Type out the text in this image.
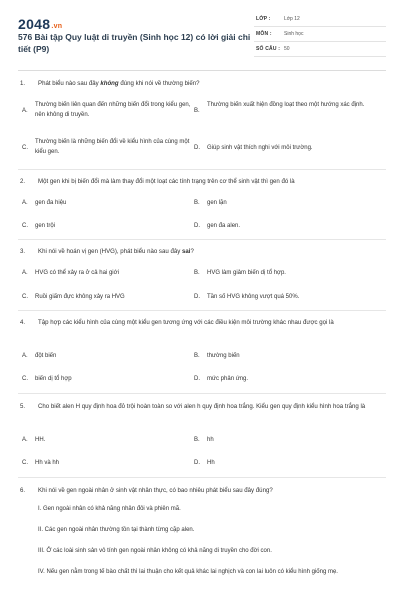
2048.vn
576 Bài tập Quy luật di truyền (Sinh học 12) có lời giải chi tiết (P9)
LỚP :	Lớp 12
MÔN : Sinh học
SỐ CÂU : 50
1.	Phát biểu nào sau đây không đúng khi nói về thường biến?
A.
Thường biến liên quan đến những biến đổi trong kiểu gen, nên không di truyền.
B.
Thường biến xuất hiện đồng loạt theo một hướng xác định.
C.
Thường biến là những biến đổi về kiểu hình của cùng một kiểu gen.
D.	Giúp sinh vật thích nghi với môi trường.
2.	Một gen khi bị biến đổi mà làm thay đổi một loạt các tính trạng trên cơ thể sinh vật thì gen đó là
A.	gen đa hiệu	B.	gen lặn
C.	gen trội	D.	gen đa alen.
3.	Khi nói về hoán vị gen (HVG), phát biểu nào sau đây sai?
A.	HVG có thể xảy ra ở cả hai giới	B.	HVG làm giảm biến dị tổ hợp.
C.	Ruồi giấm đực không xảy ra HVG	D.	Tần số HVG không vượt quá 50%.
4.	Tập hợp các kiểu hình của cùng một kiểu gen tương ứng với các điều kiện môi trường khác nhau được gọi là
A.	đột biến	B.	thường biến
C.	biến dị tổ hợp	D.	mức phản ứng.
5.	Cho biết alen H quy định hoa đỏ trội hoàn toàn so với alen h quy định hoa trắng. Kiểu gen quy định kiểu hình hoa trắng là
A.	HH.	B.	hh
C.	Hh và hh	D.	Hh
6.	Khi nói về gen ngoài nhân ở sinh vật nhân thực, có bao nhiêu phát biểu sau đây đúng?
I. Gen ngoài nhân có khả năng nhân đôi và phiên mã.
II. Các gen ngoài nhân thường tồn tại thành từng cặp alen.
III. Ở các loài sinh sản vô tính gen ngoài nhân không có khả năng di truyền cho đời con.
IV. Nếu gen nằm trong tế bào chất thì lai thuận cho kết quả khác lai nghịch và con lai luôn có kiểu hình giống mẹ.
